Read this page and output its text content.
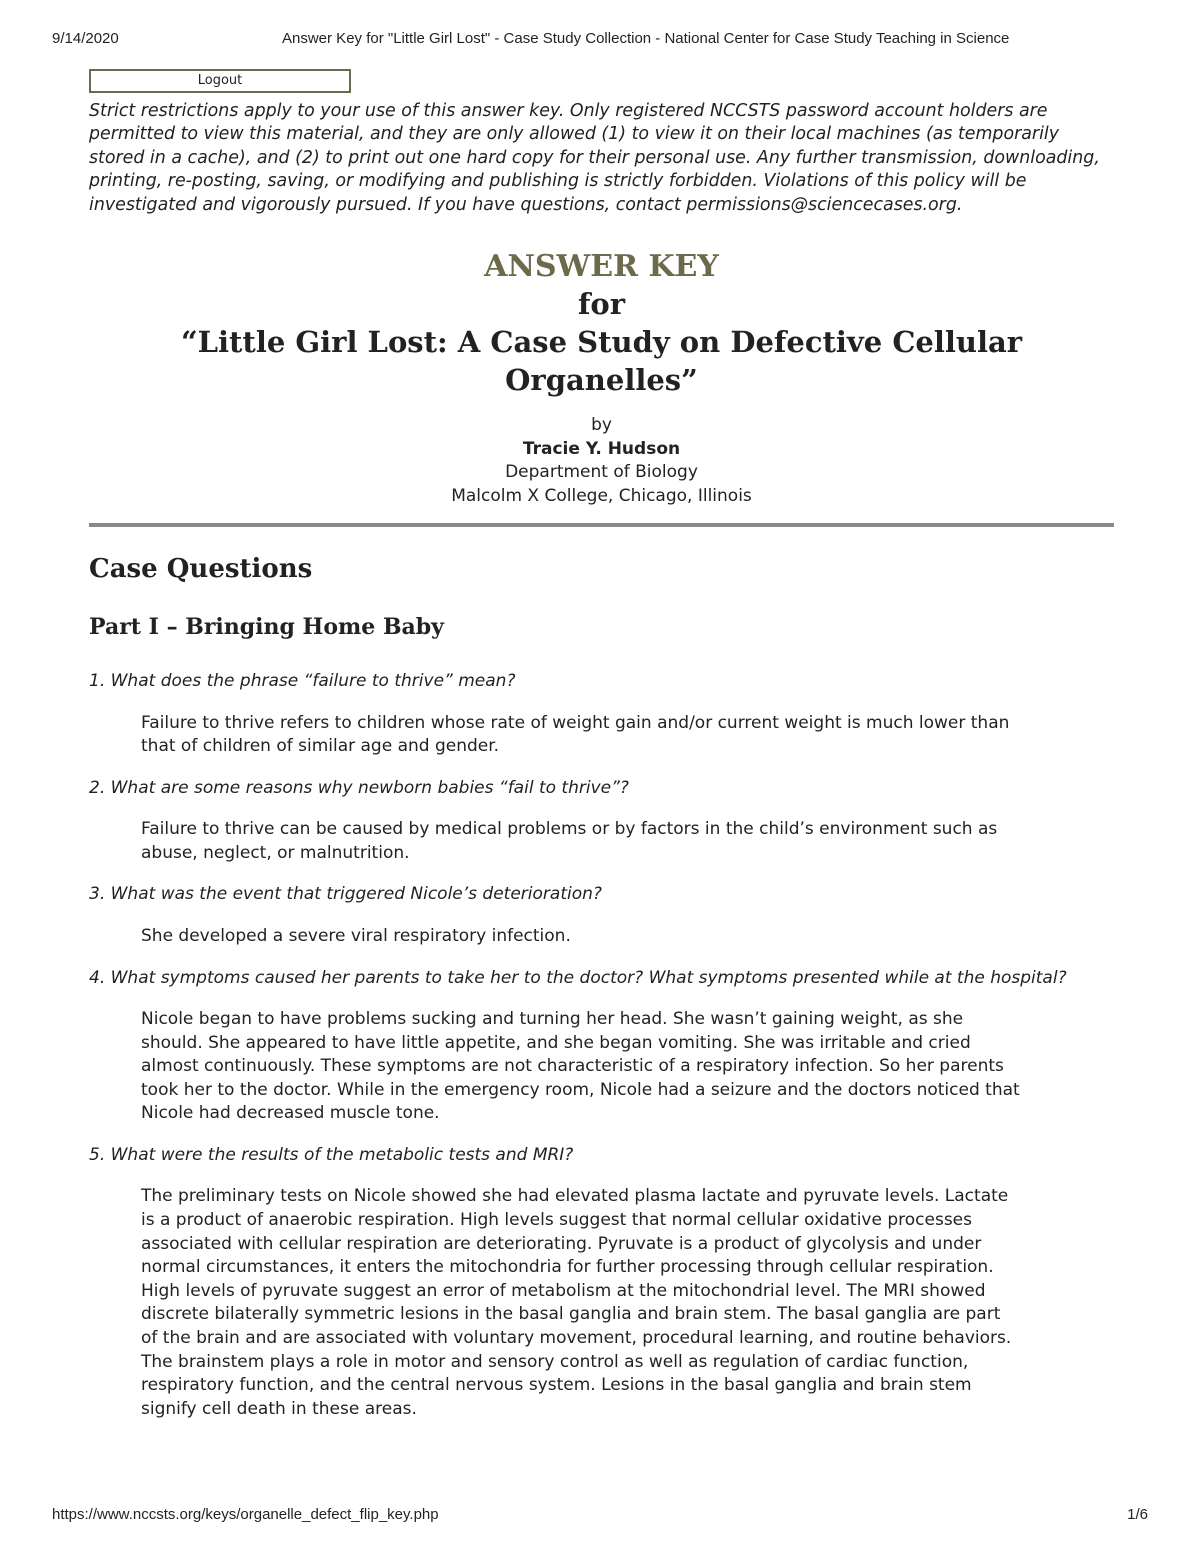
9/14/2020	Answer Key for "Little Girl Lost" - Case Study Collection - National Center for Case Study Teaching in Science
Logout

Strict restrictions apply to your use of this answer key. Only registered NCCSTS password account holders are permitted to view this material, and they are only allowed (1) to view it on their local machines (as temporarily stored in a cache), and (2) to print out one hard copy for their personal use. Any further transmission, downloading, printing, re-posting, saving, or modifying and publishing is strictly forbidden. Violations of this policy will be investigated and vigorously pursued. If you have questions, contact permissions@sciencecases.org.

ANSWER KEY

for

“Little Girl Lost: A Case Study on Defective Cellular

Organelles”

by
Tracie Y. Hudson
Department of Biology
Malcolm X College, Chicago, Illinois
Case Questions
Part I – Bringing Home Baby

1. What does the phrase “failure to thrive” mean?

Failure to thrive refers to children whose rate of weight gain and/or current weight is much lower than that of children of similar age and gender.

2. What are some reasons why newborn babies “fail to thrive”?

Failure to thrive can be caused by medical problems or by factors in the child’s environment such as abuse, neglect, or malnutrition.

3. What was the event that triggered Nicole’s deterioration?

She developed a severe viral respiratory infection.

4. What symptoms caused her parents to take her to the doctor? What symptoms presented while at the hospital?

Nicole began to have problems sucking and turning her head. She wasn’t gaining weight, as she should. She appeared to have little appetite, and she began vomiting. She was irritable and cried almost continuously. These symptoms are not characteristic of a respiratory infection. So her parents took her to the doctor. While in the emergency room, Nicole had a seizure and the doctors noticed that Nicole had decreased muscle tone.

5. What were the results of the metabolic tests and MRI?

The preliminary tests on Nicole showed she had elevated plasma lactate and pyruvate levels. Lactate is a product of anaerobic respiration. High levels suggest that normal cellular oxidative processes associated with cellular respiration are deteriorating. Pyruvate is a product of glycolysis and under normal circumstances, it enters the mitochondria for further processing through cellular respiration. High levels of pyruvate suggest an error of metabolism at the mitochondrial level. The MRI showed discrete bilaterally symmetric lesions in the basal ganglia and brain stem. The basal ganglia are part of the brain and are associated with voluntary movement, procedural learning, and routine behaviors. The brainstem plays a role in motor and sensory control as well as regulation of cardiac function, respiratory function, and the central nervous system. Lesions in the basal ganglia and brain stem signify cell death in these areas.

https://www.nccsts.org/keys/organelle_defect_flip_key.php	1/6
